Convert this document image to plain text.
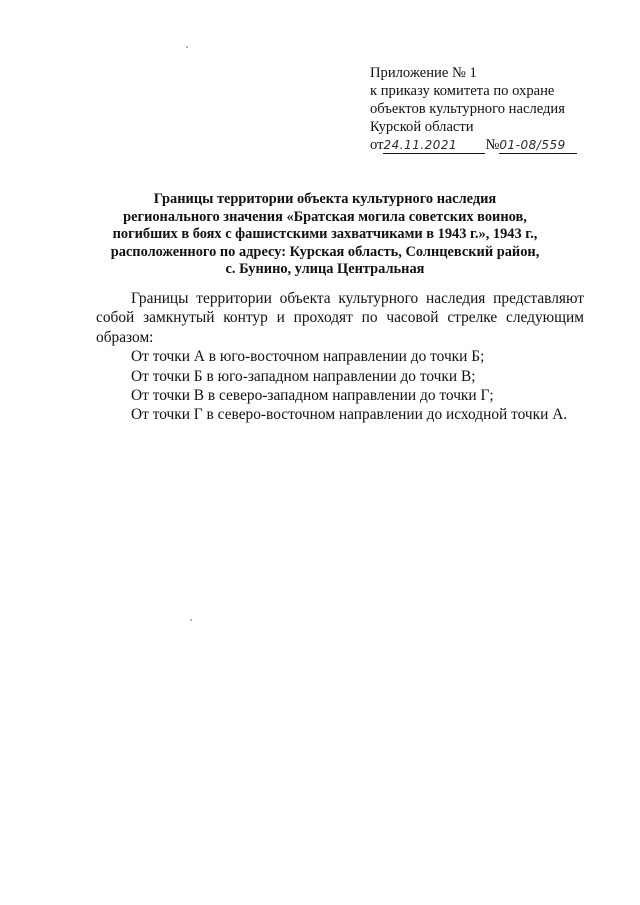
Приложение № 1
к приказу комитета по охране
объектов культурного наследия
Курской области
от24.11.2021 №01-08/559
Границы территории объекта культурного наследия
регионального значения «Братская могила советских воинов,
погибших в боях с фашистскими захватчиками в 1943 г.», 1943 г.,
расположенного по адресу: Курская область, Солнцевский район,
с. Бунино, улица Центральная

Границы территории объекта культурного наследия представляют собой замкнутый контур и проходят по часовой стрелке следующим образом:

От точки А в юго-восточном направлении до точки Б;

От точки Б в юго-западном направлении до точки В;

От точки В в северо-западном направлении до точки Г;

От точки Г в северо-восточном направлении до исходной точки А.
